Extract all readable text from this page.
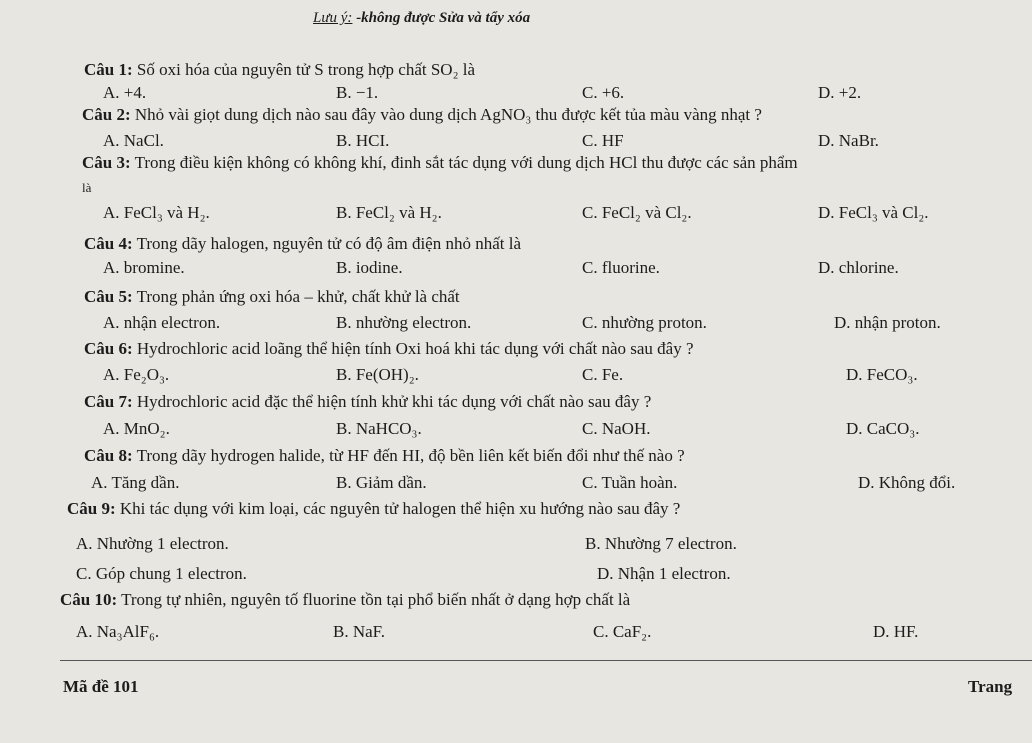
Lưu ý: -không được Sửa và tẩy xóa
Câu 1: Số oxi hóa của nguyên tử S trong hợp chất SO₂ là
A. +4.	B. −1.	C. +6.	D. +2.
Câu 2: Nhỏ vài giọt dung dịch nào sau đây vào dung dịch AgNO₃ thu được kết tủa màu vàng nhạt ?
A. NaCl.	B. HCI.	C. HF	D. NaBr.
Câu 3: Trong điều kiện không có không khí, đinh sắt tác dụng với dung dịch HCl thu được các sản phẩm
là
A. FeCl₃ và H₂.	B. FeCl₂ và H₂.	C. FeCl₂ và Cl₂.	D. FeCl₃ và Cl₂.
Câu 4: Trong dãy halogen, nguyên tử có độ âm điện nhỏ nhất là
A. bromine.	B. iodine.	C. fluorine.	D. chlorine.
Câu 5: Trong phản ứng oxi hóa – khử, chất khử là chất
A. nhận electron.	B. nhường electron.	C. nhường proton.	D. nhận proton.
Câu 6: Hydrochloric acid loãng thể hiện tính Oxi hoá khi tác dụng với chất nào sau đây ?
A. Fe₂O₃.	B. Fe(OH)₂.	C. Fe.	D. FeCO₃.
Câu 7: Hydrochloric acid đặc thể hiện tính khử khi tác dụng với chất nào sau đây ?
A. MnO₂.	B. NaHCO₃.	C. NaOH.	D. CaCO₃.
Câu 8: Trong dãy hydrogen halide, từ HF đến HI, độ bền liên kết biến đổi như thế nào ?
A. Tăng dần.	B. Giảm dần.	C. Tuần hoàn.	D. Không đổi.
Câu 9: Khi tác dụng với kim loại, các nguyên tử halogen thể hiện xu hướng nào sau đây ?
A. Nhường 1 electron.	B. Nhường 7 electron.
C. Góp chung 1 electron.	D. Nhận 1 electron.
Câu 10: Trong tự nhiên, nguyên tố fluorine tồn tại phổ biến nhất ở dạng hợp chất là
A. Na₃AlF₆.	B. NaF.	C. CaF₂.	D. HF.
Mã đề 101	Trang
